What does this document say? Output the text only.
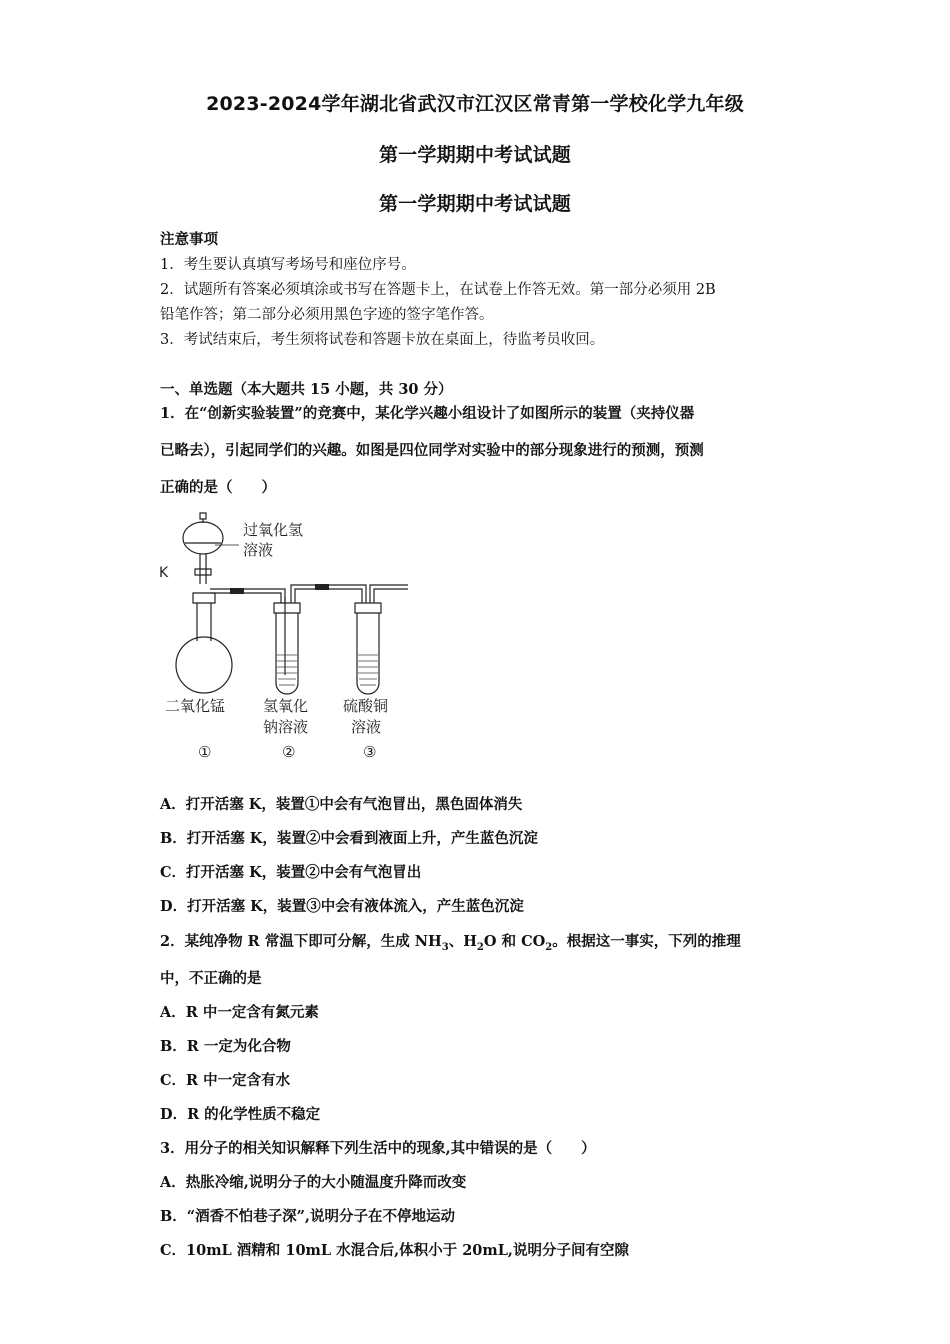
2023-2024学年湖北省武汉市江汉区常青第一学校化学九年级
第一学期期中考试试题
第一学期期中考试试题
注意事项
1．考生要认真填写考场号和座位序号。
2．试题所有答案必须填涂或书写在答题卡上，在试卷上作答无效。第一部分必须用 2B
铅笔作答；第二部分必须用黑色字迹的签字笔作答。
3．考试结束后，考生须将试卷和答题卡放在桌面上，待监考员收回。
一、单选题（本大题共 15 小题，共 30 分）
1．在“创新实验装置”的竞赛中，某化学兴趣小组设计了如图所示的装置（夹持仪器
已略去），引起同学们的兴趣。如图是四位同学对实验中的部分现象进行的预测，预测
正确的是（　　）
过氧化氢
溶液
K
二氧化锰	氢氧化
钠溶液
硫酸铜
溶液
①	②	③
A．打开活塞 K，装置①中会有气泡冒出，黑色固体消失
B．打开活塞 K，装置②中会看到液面上升，产生蓝色沉淀
C．打开活塞 K，装置②中会有气泡冒出
D．打开活塞 K，装置③中会有液体流入，产生蓝色沉淀
2．某纯净物 R 常温下即可分解，生成 $NH_3$、$H_2O$ 和 $CO_2$。根据这一事实，下列的推理
中，不正确的是
A．R 中一定含有氮元素
B．R 一定为化合物
C．R 中一定含有水
D．R 的化学性质不稳定
3．用分子的相关知识解释下列生活中的现象,其中错误的是（　　）
A．热胀冷缩,说明分子的大小随温度升降而改变
B．“酒香不怕巷子深”,说明分子在不停地运动
C．10mL 酒精和 10mL 水混合后,体积小于 20mL,说明分子间有空隙
